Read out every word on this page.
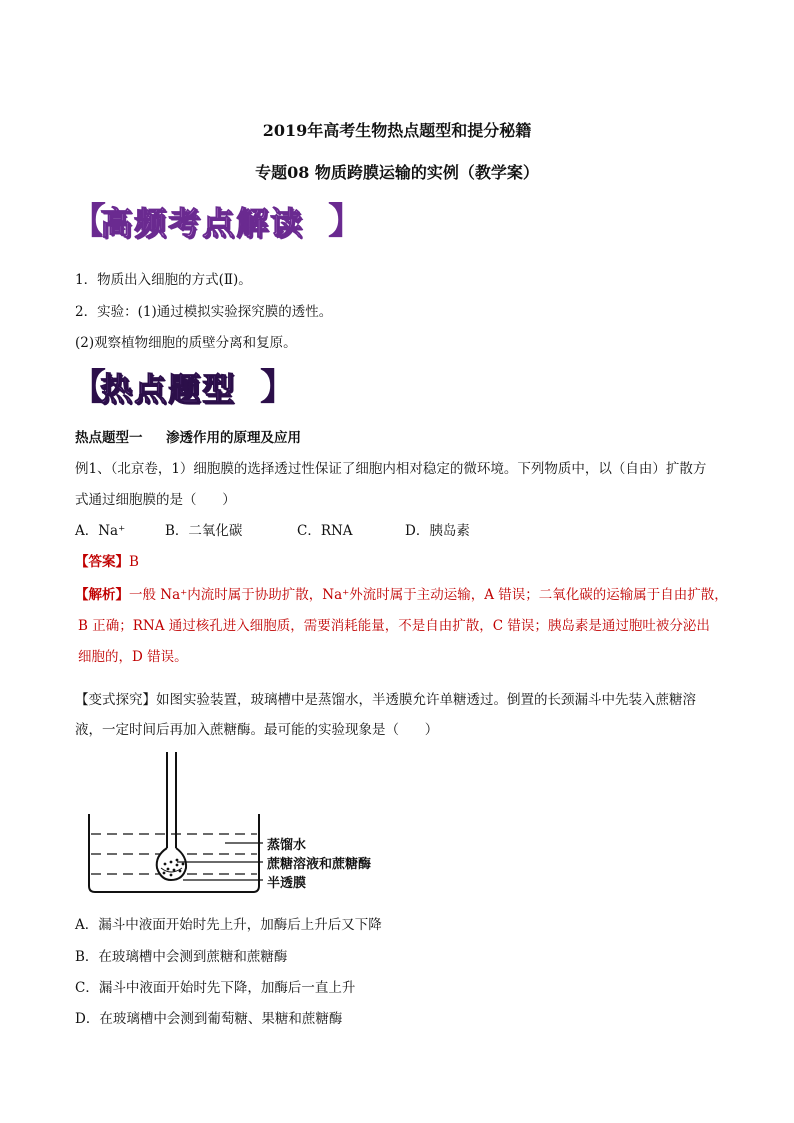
2019年高考生物热点题型和提分秘籍
专题08 物质跨膜运输的实例（教学案）
【
高频考点解读 】
1．物质出入细胞的方式(Ⅱ)。
2．实验：(1)通过模拟实验探究膜的透性。
(2)观察植物细胞的质壁分离和复原。
【
热点题型 】
热点题型一     渗透作用的原理及应用
例1、（北京卷，1）细胞膜的选择透过性保证了细胞内相对稳定的微环境。下列物质中，以（自由）扩散方
式通过细胞膜的是（      ）
A．Na⁺	B．二氧化碳	C．RNA	D．胰岛素
【答案】B
【解析】一般 Na⁺内流时属于协助扩散，Na⁺外流时属于主动运输，A 错误；二氧化碳的运输属于自由扩散，
B 正确；RNA 通过核孔进入细胞质，需要消耗能量，不是自由扩散，C 错误；胰岛素是通过胞吐被分泌出
细胞的，D 错误。
【变式探究】如图实验装置，玻璃槽中是蒸馏水，半透膜允许单糖透过。倒置的长颈漏斗中先装入蔗糖溶
液，一定时间后再加入蔗糖酶。最可能的实验现象是（      ）
蒸馏水
蔗糖溶液和蔗糖酶
半透膜
A．漏斗中液面开始时先上升，加酶后上升后又下降
B．在玻璃槽中会测到蔗糖和蔗糖酶
C．漏斗中液面开始时先下降，加酶后一直上升
D．在玻璃槽中会测到葡萄糖、果糖和蔗糖酶
